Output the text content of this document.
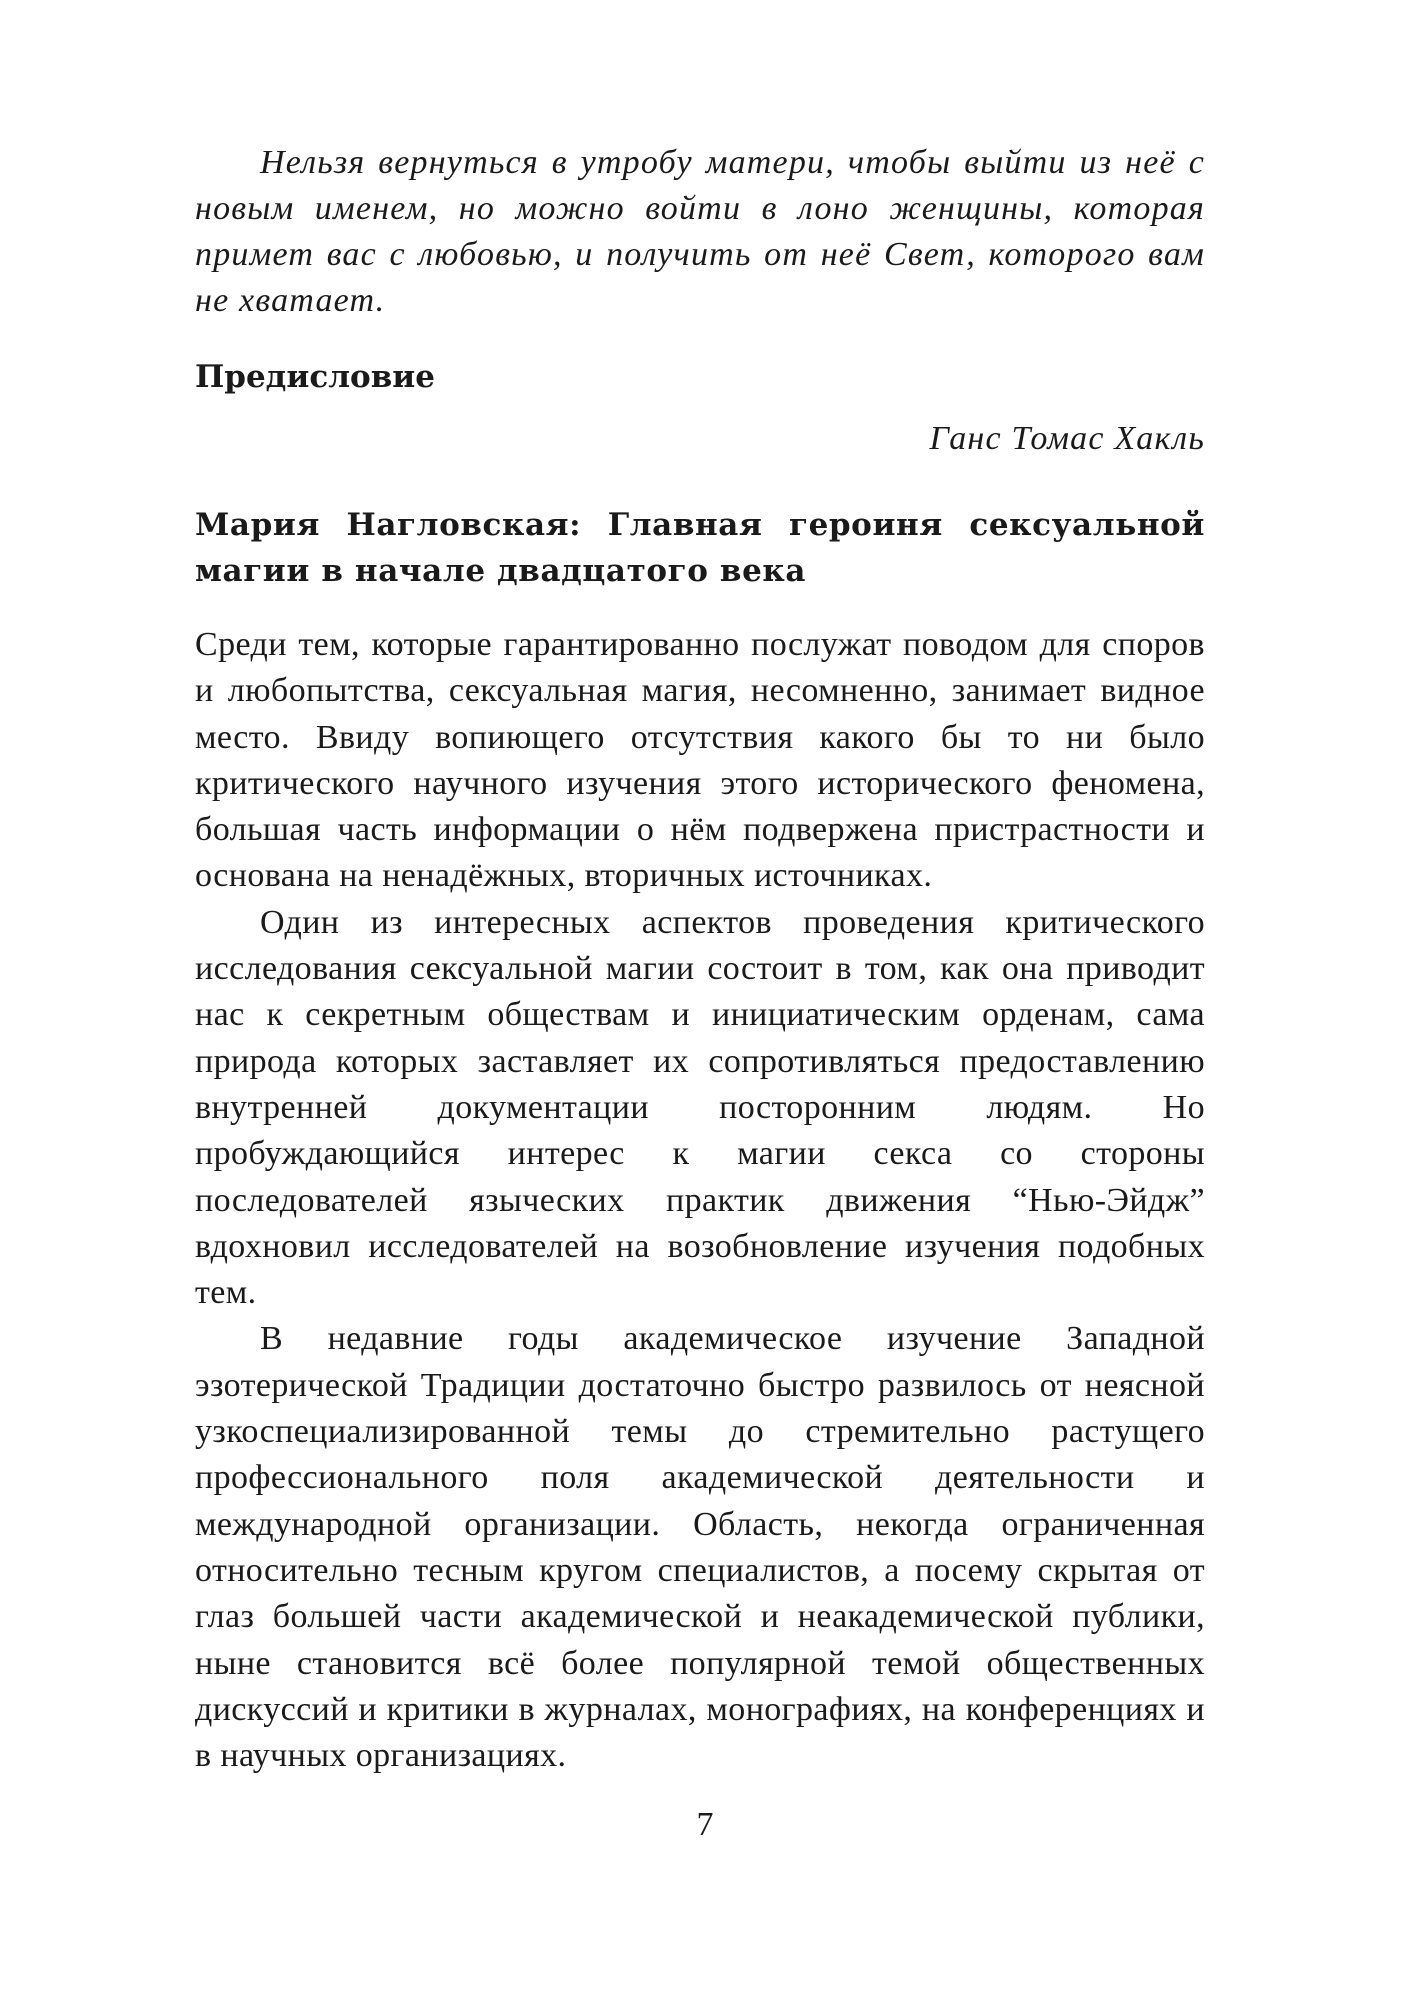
Нельзя вернуться в утробу матери, чтобы выйти из неё с новым именем, но можно войти в лоно женщины, которая примет вас с любовью, и получить от неё Свет, которого вам не хватает.

Предисловие

Ганс Томас Хакль

Мария Нагловская: Главная героиня сексуальной магии в начале двадцатого века

Среди тем, которые гарантированно послужат поводом для споров и любопытства, сексуальная магия, несомненно, занимает видное место. Ввиду вопиющего отсутствия какого бы то ни было критического научного изучения этого исторического феномена, большая часть информации о нём подвержена пристрастности и основана на ненадёжных, вторичных источниках.

Один из интересных аспектов проведения критического исследования сексуальной магии состоит в том, как она приводит нас к секретным обществам и инициатическим орденам, сама природа которых заставляет их сопротивляться предоставлению внутренней документации посторонним людям. Но пробуждающийся интерес к магии секса со стороны последователей языческих практик движения “Нью-Эйдж” вдохновил исследователей на возобновление изучения подобных тем.

В недавние годы академическое изучение Западной эзотерической Традиции достаточно быстро развилось от неясной узкоспециализированной темы до стремительно растущего профессионального поля академической деятельности и международной организации. Область, некогда ограниченная относительно тесным кругом специалистов, а посему скрытая от глаз большей части академической и неакадемической публики, ныне становится всё более популярной темой общественных дискуссий и критики в журналах, монографиях, на конференциях и в научных организациях.

7
